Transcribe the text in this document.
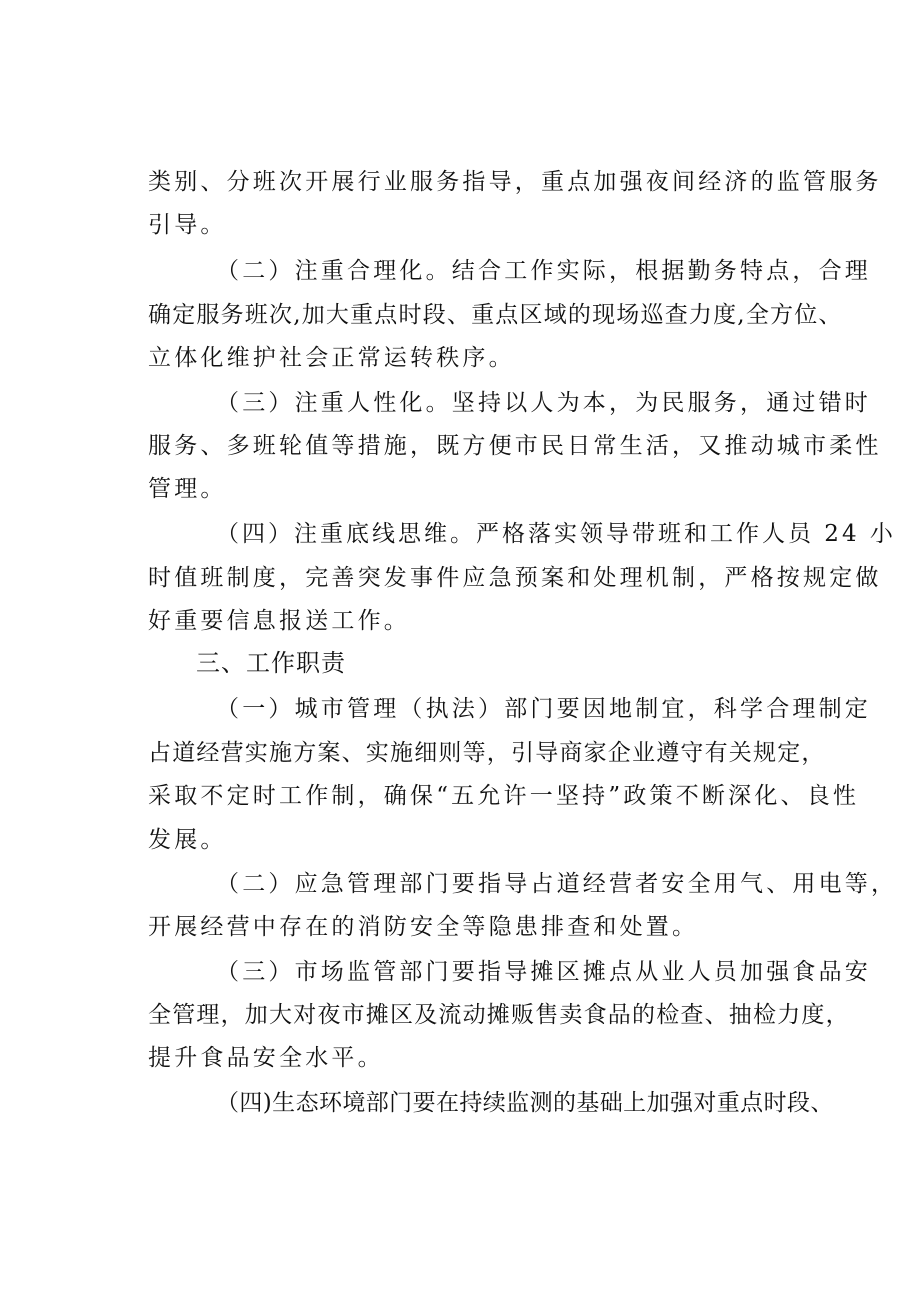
类别、分班次开展行业服务指导，重点加强夜间经济的监管服务
引导。
（二）注重合理化。结合工作实际，根据勤务特点，合理
确定服务班次,加大重点时段、重点区域的现场巡查力度,全方位、
立体化维护社会正常运转秩序。
（三）注重人性化。坚持以人为本，为民服务，通过错时
服务、多班轮值等措施，既方便市民日常生活，又推动城市柔性
管理。
（四）注重底线思维。严格落实领导带班和工作人员 24 小
时值班制度，完善突发事件应急预案和处理机制，严格按规定做
好重要信息报送工作。
三、工作职责
（一）城市管理（执法）部门要因地制宜，科学合理制定
占道经营实施方案、实施细则等，引导商家企业遵守有关规定，
采取不定时工作制，确保“五允许一坚持”政策不断深化、良性
发展。
（二）应急管理部门要指导占道经营者安全用气、用电等，
开展经营中存在的消防安全等隐患排查和处置。
（三）市场监管部门要指导摊区摊点从业人员加强食品安
全管理，加大对夜市摊区及流动摊贩售卖食品的检查、抽检力度，
提升食品安全水平。
（四)生态环境部门要在持续监测的基础上加强对重点时段、
